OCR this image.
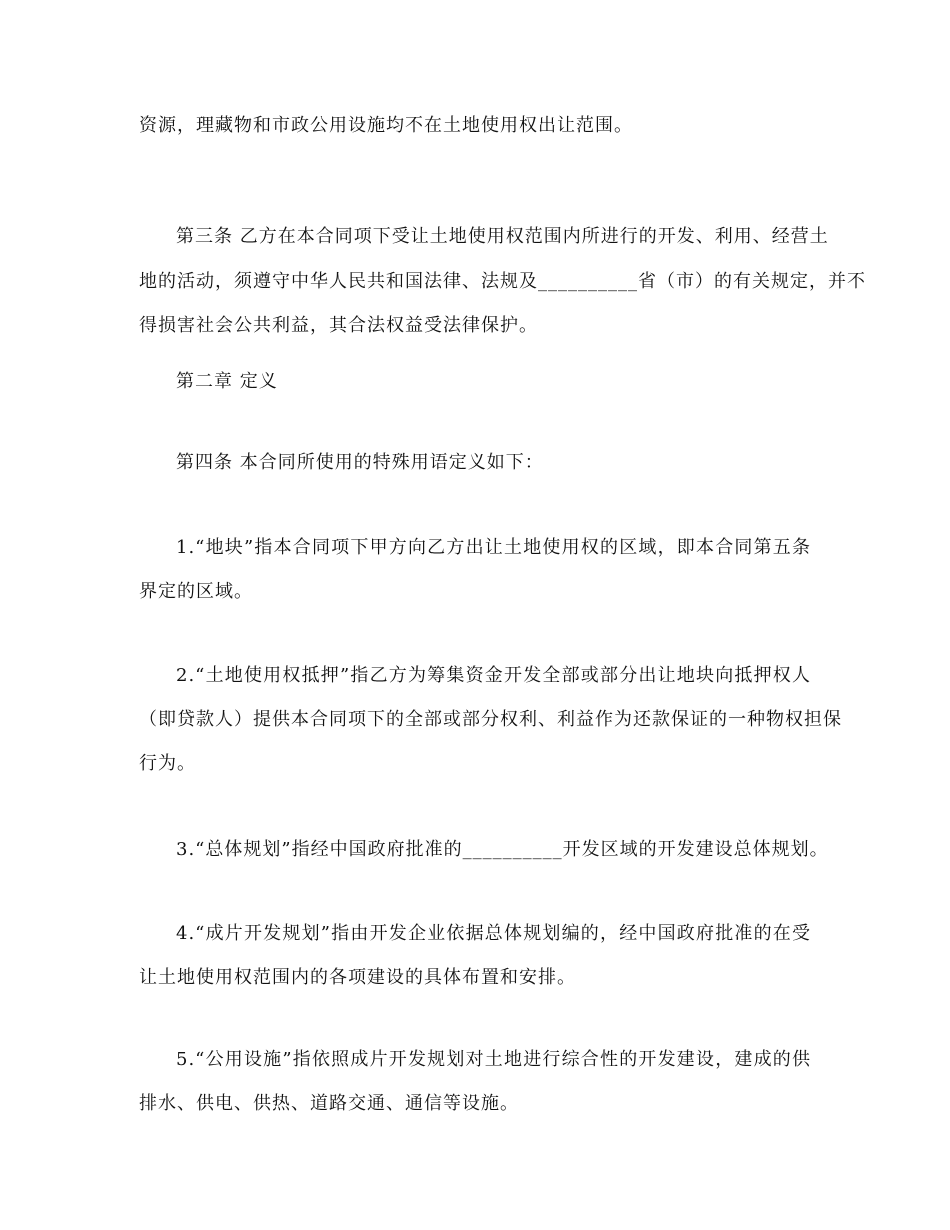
资源，理藏物和市政公用设施均不在土地使用权出让范围。
第三条 乙方在本合同项下受让土地使用权范围内所进行的开发、利用、经营土
地的活动，须遵守中华人民共和国法律、法规及__________省（市）的有关规定，并不
得损害社会公共利益，其合法权益受法律保护。
第二章 定义
第四条 本合同所使用的特殊用语定义如下：
1.“地块”指本合同项下甲方向乙方出让土地使用权的区域，即本合同第五条
界定的区域。
2.“土地使用权抵押”指乙方为筹集资金开发全部或部分出让地块向抵押权人
（即贷款人）提供本合同项下的全部或部分权利、利益作为还款保证的一种物权担保
行为。
3.“总体规划”指经中国政府批准的__________开发区域的开发建设总体规划。
4.“成片开发规划”指由开发企业依据总体规划编的，经中国政府批准的在受
让土地使用权范围内的各项建设的具体布置和安排。
5.“公用设施”指依照成片开发规划对土地进行综合性的开发建设，建成的供
排水、供电、供热、道路交通、通信等设施。
